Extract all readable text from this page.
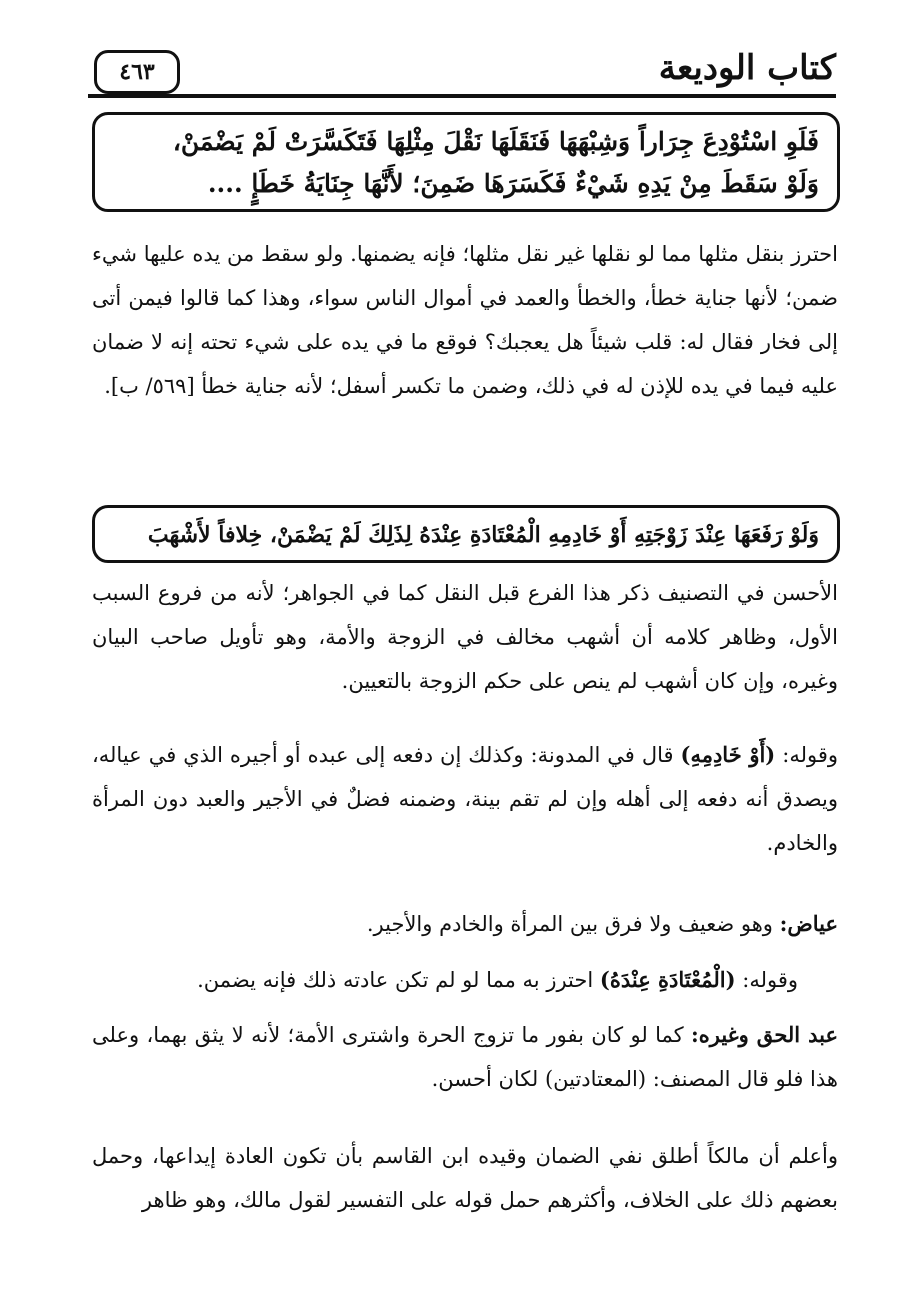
كتاب الوديعة
٤٦٣
فَلَوِ اسْتُوْدِعَ جِرَاراً وَشِبْهَهَا فَنَقَلَهَا نَقْلَ مِثْلِهَا فَتَكَسَّرَتْ لَمْ يَضْمَنْ،
وَلَوْ سَقَطَ مِنْ يَدِهِ شَيْءٌ فَكَسَرَهَا ضَمِنَ؛ لأَنَّهَا جِنَايَةُ خَطَإٍ ....
احترز بنقل مثلها مما لو نقلها غير نقل مثلها؛ فإنه يضمنها. ولو سقط من يده عليها شيء ضمن؛ لأنها جناية خطأ، والخطأ والعمد في أموال الناس سواء، وهذا كما قالوا فيمن أتى إلى فخار فقال له: قلب شيئاً هل يعجبك؟ فوقع ما في يده على شيء تحته إنه لا ضمان عليه فيما في يده للإذن له في ذلك، وضمن ما تكسر أسفل؛ لأنه جناية خطأ [٥٦٩/ ب].
وَلَوْ رَفَعَهَا عِنْدَ زَوْجَتِهِ أَوْ خَادِمِهِ الْمُعْتَادَةِ عِنْدَهُ لِذَلِكَ لَمْ يَضْمَنْ، خِلافاً لأَشْهَبَ
الأحسن في التصنيف ذكر هذا الفرع قبل النقل كما في الجواهر؛ لأنه من فروع السبب الأول، وظاهر كلامه أن أشهب مخالف في الزوجة والأمة، وهو تأويل صاحب البيان وغيره، وإن كان أشهب لم ينص على حكم الزوجة بالتعيين.
وقوله: (أَوْ خَادِمِهِ) قال في المدونة: وكذلك إن دفعه إلى عبده أو أجيره الذي في عياله، ويصدق أنه دفعه إلى أهله وإن لم تقم بينة، وضمنه فضلٌ في الأجير والعبد دون المرأة والخادم.
عياض: وهو ضعيف ولا فرق بين المرأة والخادم والأجير.
وقوله: (الْمُعْتَادَةِ عِنْدَهُ) احترز به مما لو لم تكن عادته ذلك فإنه يضمن.
عبد الحق وغيره: كما لو كان بفور ما تزوج الحرة واشترى الأمة؛ لأنه لا يثق بهما، وعلى هذا فلو قال المصنف: (المعتادتين) لكان أحسن.
وأعلم أن مالكاً أطلق نفي الضمان وقيده ابن القاسم بأن تكون العادة إيداعها، وحمل بعضهم ذلك على الخلاف، وأكثرهم حمل قوله على التفسير لقول مالك، وهو ظاهر
